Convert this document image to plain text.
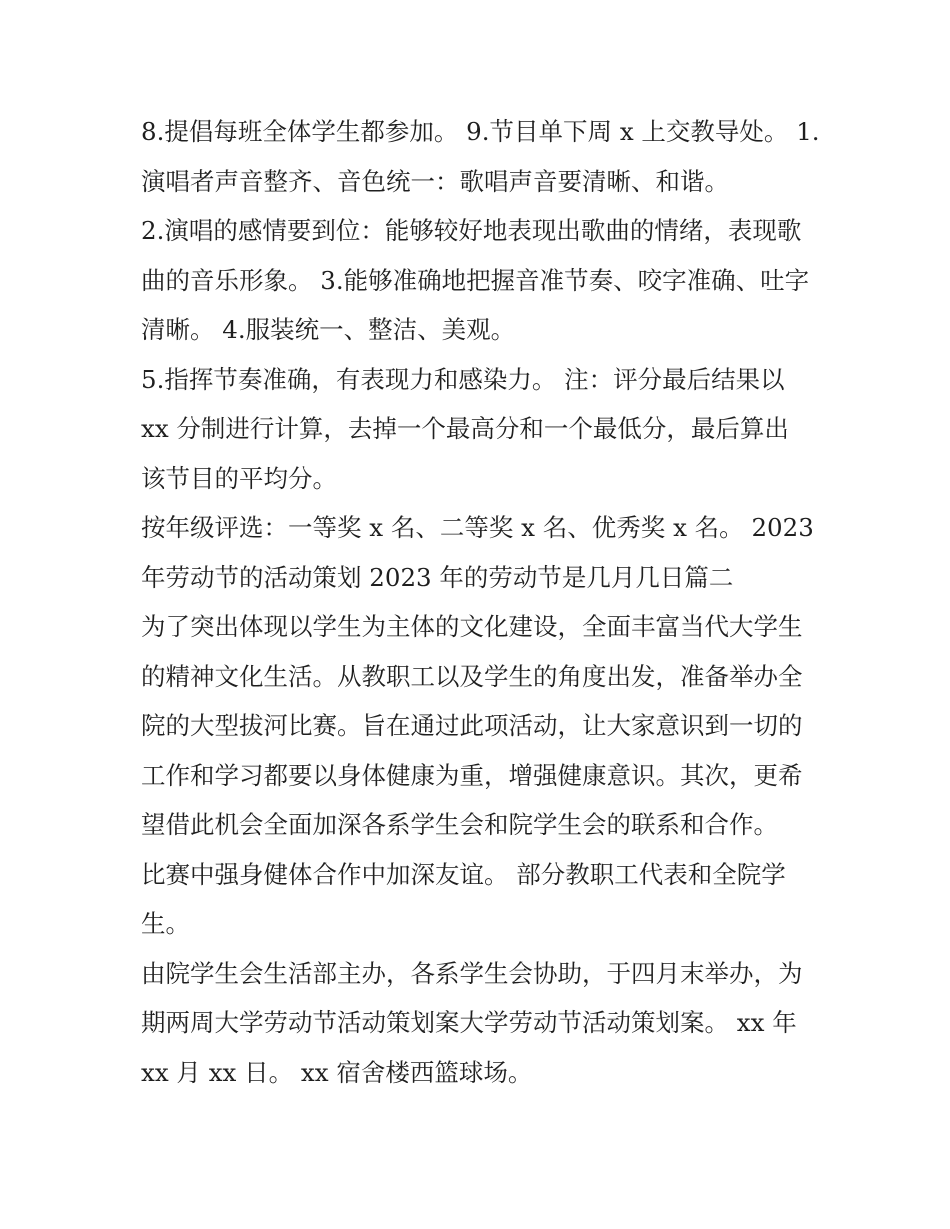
8.提倡每班全体学生都参加。 9.节目单下周 x 上交教导处。 1.
演唱者声音整齐、音色统一：歌唱声音要清晰、和谐。
2.演唱的感情要到位：能够较好地表现出歌曲的情绪，表现歌
曲的音乐形象。 3.能够准确地把握音准节奏、咬字准确、吐字
清晰。 4.服装统一、整洁、美观。
5.指挥节奏准确，有表现力和感染力。 注：评分最后结果以
xx 分制进行计算，去掉一个最高分和一个最低分，最后算出
该节目的平均分。
按年级评选：一等奖 x 名、二等奖 x 名、优秀奖 x 名。 2023
年劳动节的活动策划 2023 年的劳动节是几月几日篇二
为了突出体现以学生为主体的文化建设，全面丰富当代大学生
的精神文化生活。从教职工以及学生的角度出发，准备举办全
院的大型拔河比赛。旨在通过此项活动，让大家意识到一切的
工作和学习都要以身体健康为重，增强健康意识。其次，更希
望借此机会全面加深各系学生会和院学生会的联系和合作。
比赛中强身健体合作中加深友谊。 部分教职工代表和全院学
生。
由院学生会生活部主办，各系学生会协助，于四月末举办，为
期两周大学劳动节活动策划案大学劳动节活动策划案。 xx 年
xx 月 xx 日。 xx 宿舍楼西篮球场。
